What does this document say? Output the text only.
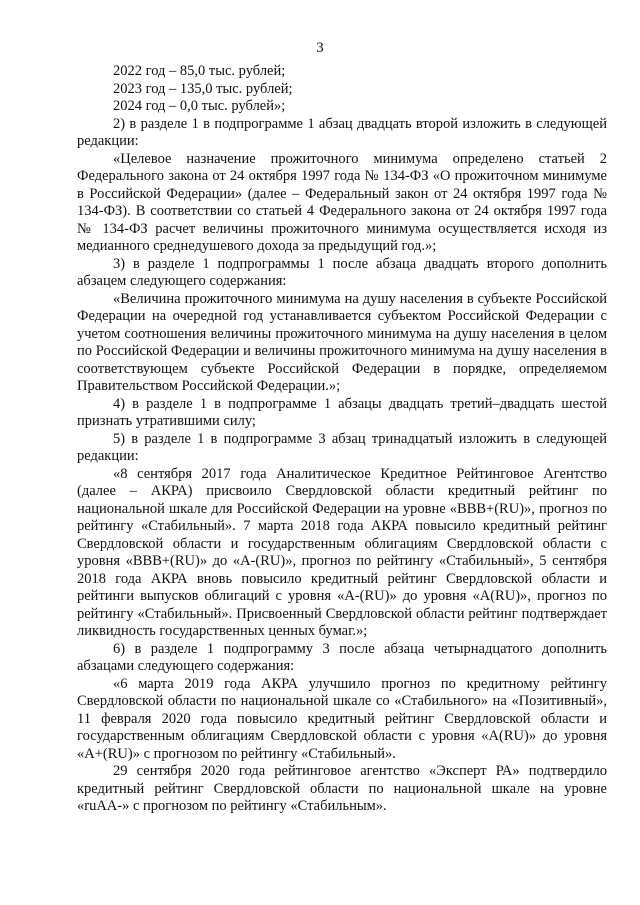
3

2022 год – 85,0 тыс. рублей;

2023 год – 135,0 тыс. рублей;

2024 год – 0,0 тыс. рублей»;

2) в разделе 1 в подпрограмме 1 абзац двадцать второй изложить в следующей редакции:

«Целевое назначение прожиточного минимума определено статьей 2 Федерального закона от 24 октября 1997 года № 134-ФЗ «О прожиточном минимуме в Российской Федерации» (далее – Федеральный закон от 24 октября 1997 года № 134-ФЗ). В соответствии со статьей 4 Федерального закона от 24 октября 1997 года № 134-ФЗ расчет величины прожиточного минимума осуществляется исходя из медианного среднедушевого дохода за предыдущий год.»;

3) в разделе 1 подпрограммы 1 после абзаца двадцать второго дополнить абзацем следующего содержания:

«Величина прожиточного минимума на душу населения в субъекте Российской Федерации на очередной год устанавливается субъектом Российской Федерации с учетом соотношения величины прожиточного минимума на душу населения в целом по Российской Федерации и величины прожиточного минимума на душу населения в соответствующем субъекте Российской Федерации в порядке, определяемом Правительством Российской Федерации.»;

4) в разделе 1 в подпрограмме 1 абзацы двадцать третий–двадцать шестой признать утратившими силу;

5) в разделе 1 в подпрограмме 3 абзац тринадцатый изложить в следующей редакции:

«8 сентября 2017 года Аналитическое Кредитное Рейтинговое Агентство (далее – АКРА) присвоило Свердловской области кредитный рейтинг по национальной шкале для Российской Федерации на уровне «BBB+(RU)», прогноз по рейтингу «Стабильный». 7 марта 2018 года АКРА повысило кредитный рейтинг Свердловской области и государственным облигациям Свердловской области с уровня «BBB+(RU)» до «A-(RU)», прогноз по рейтингу «Стабильный», 5 сентября 2018 года АКРА вновь повысило кредитный рейтинг Свердловской области и рейтинги выпусков облигаций с уровня «A-(RU)» до уровня «A(RU)», прогноз по рейтингу «Стабильный». Присвоенный Свердловской области рейтинг подтверждает ликвидность государственных ценных бумаг.»;

6) в разделе 1 подпрограмму 3 после абзаца четырнадцатого дополнить абзацами следующего содержания:

«6 марта 2019 года АКРА улучшило прогноз по кредитному рейтингу Свердловской области по национальной шкале со «Стабильного» на «Позитивный», 11 февраля 2020 года повысило кредитный рейтинг Свердловской области и государственным облигациям Свердловской области с уровня «A(RU)» до уровня «A+(RU)» с прогнозом по рейтингу «Стабильный».

29 сентября 2020 года рейтинговое агентство «Эксперт РА» подтвердило кредитный рейтинг Свердловской области по национальной шкале на уровне «ruAA-» с прогнозом по рейтингу «Стабильным».
